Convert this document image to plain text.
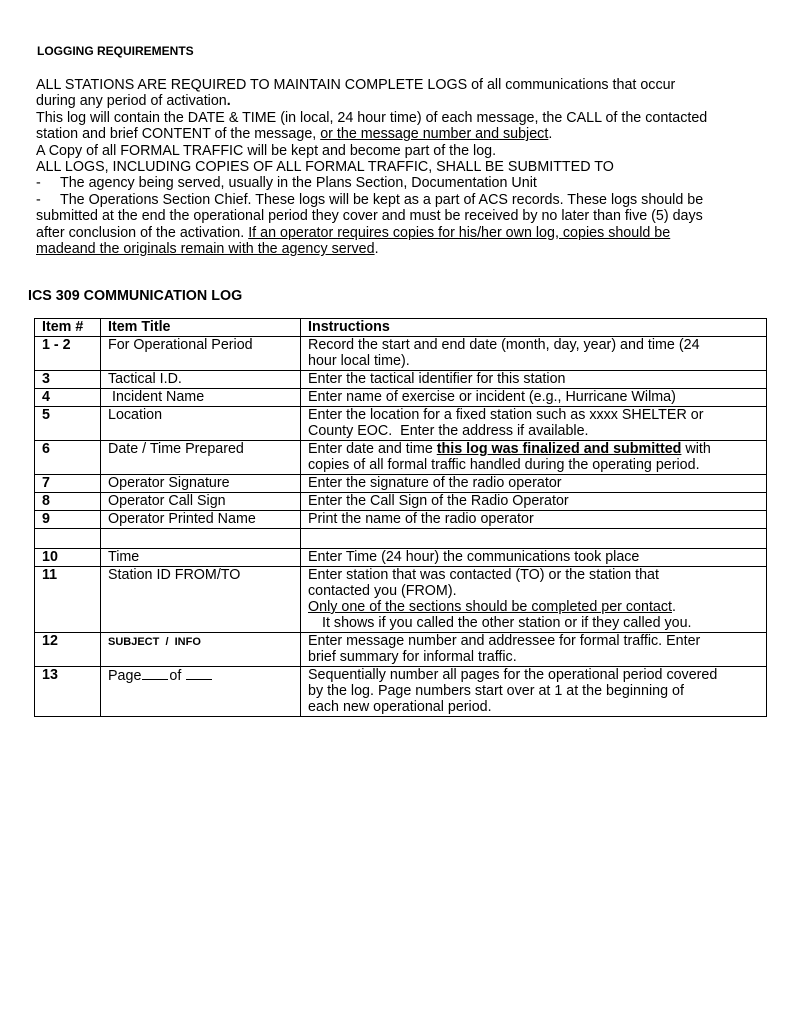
LOGGING REQUIREMENTS

ALL STATIONS ARE REQUIRED TO MAINTAIN COMPLETE LOGS of all communications that occur

during any period of activation.

This log will contain the DATE & TIME (in local, 24 hour time) of each message, the CALL of the contacted

station and brief CONTENT of the message, or the message number and subject.

A Copy of all FORMAL TRAFFIC will be kept and become part of the log.

ALL LOGS, INCLUDING COPIES OF ALL FORMAL TRAFFIC, SHALL BE SUBMITTED TO

- The agency being served, usually in the Plans Section, Documentation Unit

- The Operations Section Chief. These logs will be kept as a part of ACS records. These logs should be

submitted at the end the operational period they cover and must be received by no later than five (5) days

after conclusion of the activation. If an operator requires copies for his/her own log, copies should be

madeand the originals remain with the agency served.

ICS 309 COMMUNICATION LOG
Item #	Item Title	Instructions
1 - 2	For Operational Period	Record the start and end date (month, day, year) and time (24
hour local time).
3	Tactical I.D.	Enter the tactical identifier for this station
4	Incident Name	Enter name of exercise or incident (e.g., Hurricane Wilma)
5	Location	Enter the location for a fixed station such as xxxx SHELTER or
County EOC.  Enter the address if available.
6	Date / Time Prepared	Enter date and time this log was finalized and submitted with
copies of all formal traffic handled during the operating period.
7	Operator Signature	Enter the signature of the radio operator
8	Operator Call Sign	Enter the Call Sign of the Radio Operator
9	Operator Printed Name	Print the name of the radio operator

10	Time	Enter Time (24 hour) the communications took place
11	Station ID FROM/TO	Enter station that was contacted (TO) or the station that
contacted you (FROM).
Only one of the sections should be completed per contact.
It shows if you called the other station or if they called you.
12	SUBJECT  /  INFO	Enter message number and addressee for formal traffic. Enter
brief summary for informal traffic.
13	Page of	Sequentially number all pages for the operational period covered
by the log. Page numbers start over at 1 at the beginning of
each new operational period.
